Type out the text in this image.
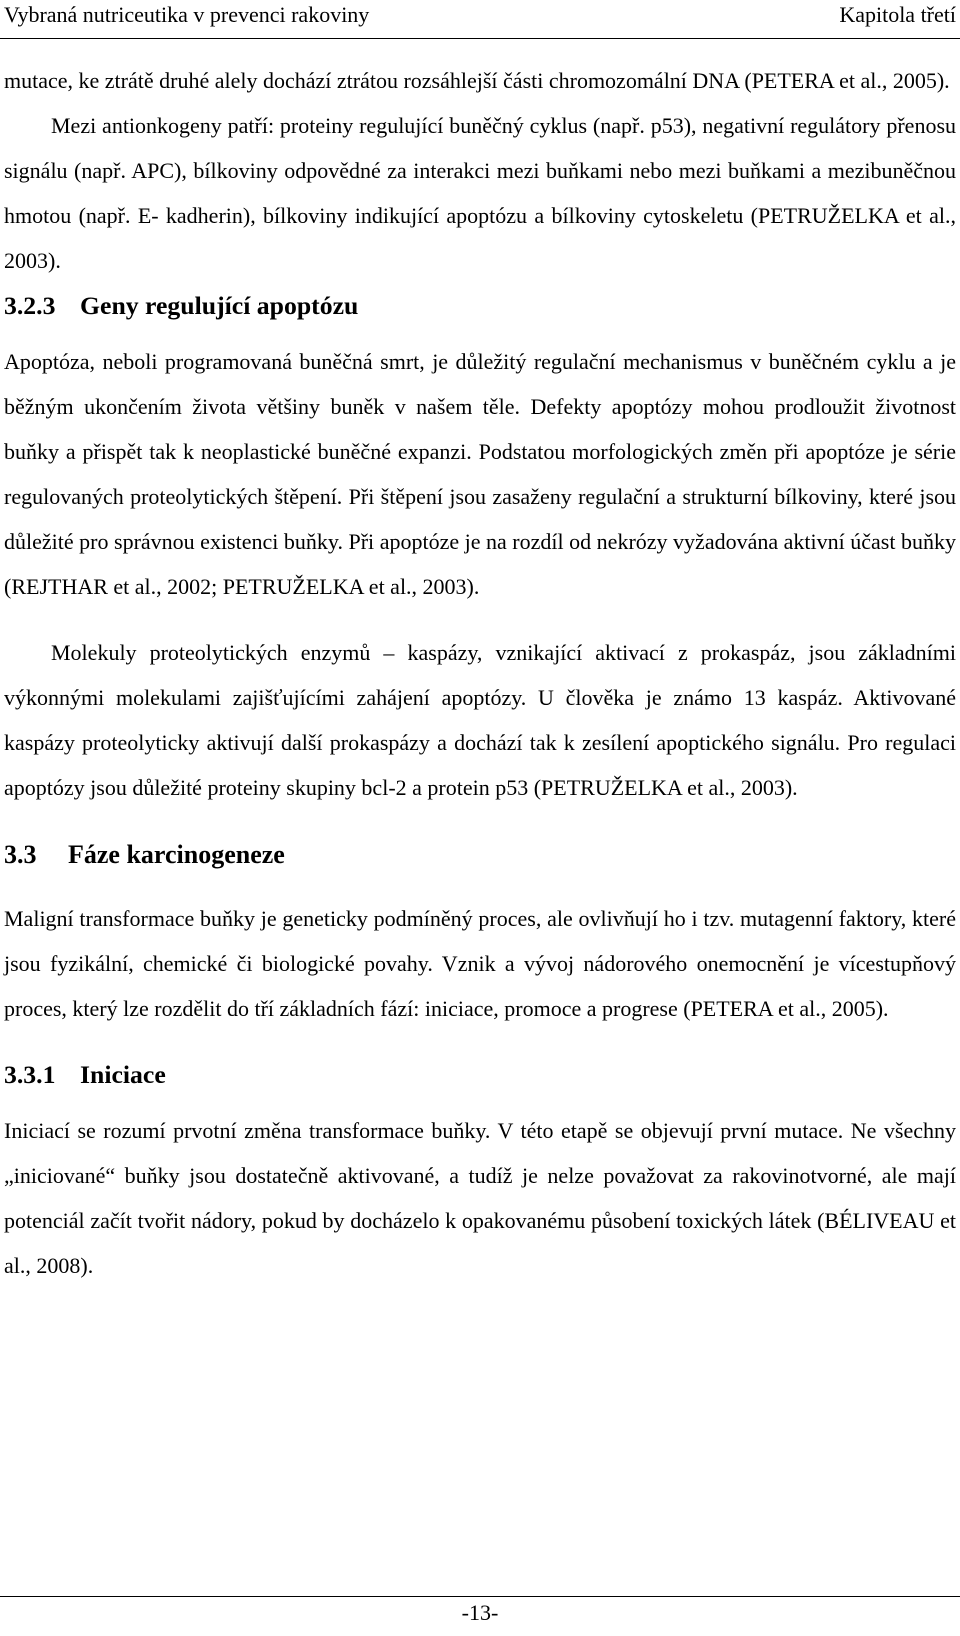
Vybraná nutriceutika v prevenci rakoviny	Kapitola třetí

mutace, ke ztrátě druhé alely dochází ztrátou rozsáhlejší části chromozomální DNA (PETERA et al., 2005).

Mezi antionkogeny patří: proteiny regulující buněčný cyklus (např. p53), negativní regulátory přenosu signálu (např. APC), bílkoviny odpovědné za interakci mezi buňkami nebo mezi buňkami a mezibuněčnou hmotou (např. E- kadherin), bílkoviny indikující apoptózu a bílkoviny cytoskeletu (PETRUŽELKA et al., 2003).

3.2.3 Geny regulující apoptózu

Apoptóza, neboli programovaná buněčná smrt, je důležitý regulační mechanismus v buněčném cyklu a je běžným ukončením života většiny buněk v našem těle. Defekty apoptózy mohou prodloužit životnost buňky a přispět tak k neoplastické buněčné expanzi. Podstatou morfologických změn při apoptóze je série regulovaných proteolytických štěpení. Při štěpení jsou zasaženy regulační a strukturní bílkoviny, které jsou důležité pro správnou existenci buňky. Při apoptóze je na rozdíl od nekrózy vyžadována aktivní účast buňky (REJTHAR et al., 2002; PETRUŽELKA et al., 2003).

Molekuly proteolytických enzymů – kaspázy, vznikající aktivací z prokaspáz, jsou základními výkonnými molekulami zajišťujícími zahájení apoptózy. U člověka je známo 13 kaspáz. Aktivované kaspázy proteolyticky aktivují další prokaspázy a dochází tak k zesílení apoptického signálu. Pro regulaci apoptózy jsou důležité proteiny skupiny bcl-2 a protein p53 (PETRUŽELKA et al., 2003).

3.3	Fáze karcinogeneze

Maligní transformace buňky je geneticky podmíněný proces, ale ovlivňují ho i tzv. mutagenní faktory, které jsou fyzikální, chemické či biologické povahy. Vznik a vývoj nádorového onemocnění je vícestupňový proces, který lze rozdělit do tří základních fází: iniciace, promoce a progrese (PETERA et al., 2005).

3.3.1 Iniciace

Iniciací se rozumí prvotní změna transformace buňky. V této etapě se objevují první mutace. Ne všechny „iniciované“ buňky jsou dostatečně aktivované, a tudíž je nelze považovat za rakovinotvorné, ale mají potenciál začít tvořit nádory, pokud by docházelo k opakovanému působení toxických látek (BÉLIVEAU et al., 2008).

-13-
